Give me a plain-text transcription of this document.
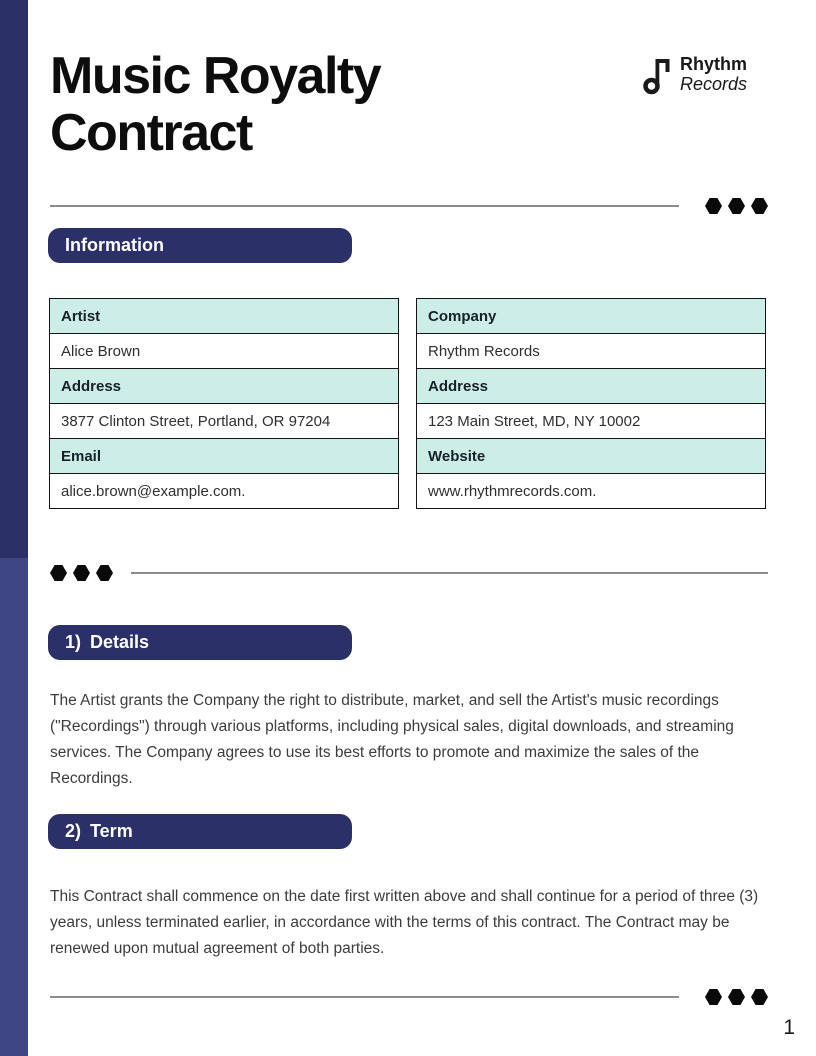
Music Royalty Contract
Rhythm
Records
Information
Artist
Alice Brown
Address
3877 Clinton Street, Portland, OR 97204
Email
alice.brown@example.com.
Company
Rhythm Records
Address
123 Main Street, MD, NY 10002
Website
www.rhythmrecords.com.
1) Details

The Artist grants the Company the right to distribute, market, and sell the Artist's music recordings ("Recordings") through various platforms, including physical sales, digital downloads, and streaming services. The Company agrees to use its best efforts to promote and maximize the sales of the Recordings.

2) Term

This Contract shall commence on the date first written above and shall continue for a period of three (3) years, unless terminated earlier, in accordance with the terms of this contract. The Contract may be renewed upon mutual agreement of both parties.

1
